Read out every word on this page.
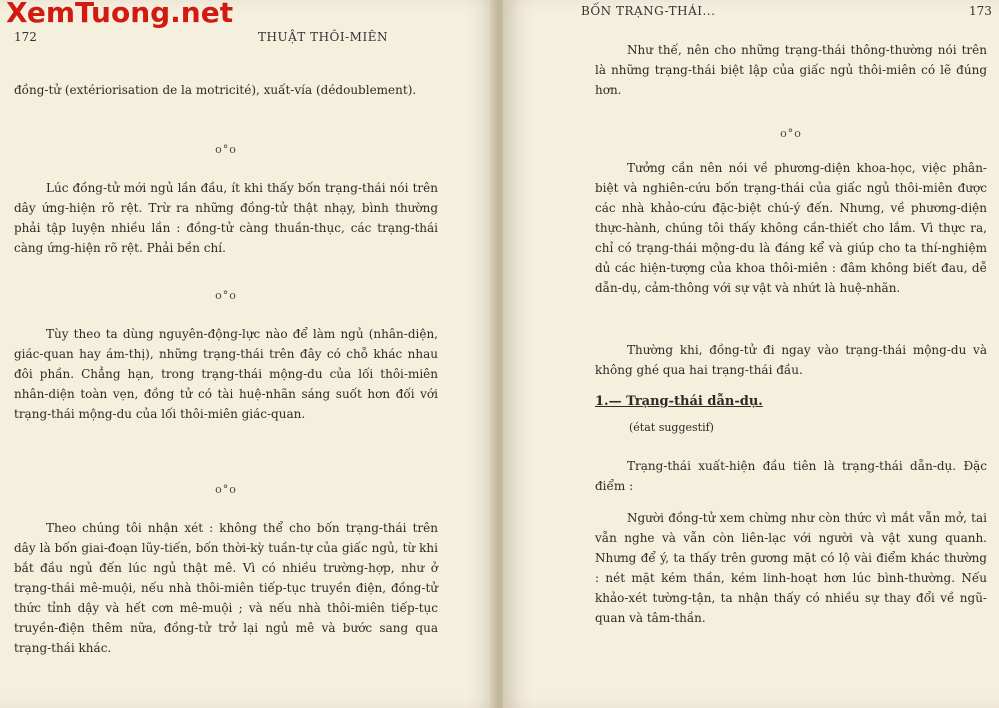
172	THUẬT THÔI-MIÊN

đồng-tử (extériorisation de la motricité), xuất-vía (dédoublement).

o°o

Lúc đồng-tử mới ngủ lần đầu, ít khi thấy bốn trạng-thái nói trên dây ứng-hiện rõ rệt. Trừ ra những đồng-tử thật nhạy, bình thường phải tập luyện nhiều lần : đồng-tử càng thuần-thục, các trạng-thái càng ứng-hiện rõ rệt. Phải bền chí.

o°o

Tùy theo ta dùng nguyên-động-lực nào để làm ngủ (nhân-diện, giác-quan hay ám-thị), những trạng-thái trên đây có chỗ khác nhau đôi phần. Chẳng hạn, trong trạng-thái mộng-du của lối thôi-miên nhân-diện toàn vẹn, đồng tử có tài huệ-nhãn sáng suốt hơn đối với trạng-thái mộng-du của lối thôi-miên giác-quan.

o°o

Theo chúng tôi nhận xét : không thể cho bốn trạng-thái trên dây là bốn giai-đoạn lũy-tiến, bốn thời-kỳ tuần-tự của giấc ngủ, từ khi bắt đầu ngủ đến lúc ngủ thật mê. Vì có nhiều trường-hợp, như ở trạng-thái mê-muội, nếu nhà thôi-miên tiếp-tục truyền điện, đồng-tử thức tỉnh dậy và hết cơn mê-muội ; và nếu nhà thôi-miên tiếp-tục truyền-điện thêm nữa, đồng-tử trở lại ngủ mê và bước sang qua trạng-thái khác.

BỐN TRẠNG-THÁI...	173

Như thế, nên cho những trạng-thái thông-thường nói trên là những trạng-thái biệt lập của giấc ngủ thôi-miên có lẽ đúng hơn.

o°o

Tưởng cần nên nói về phương-diện khoa-học, việc phân-biệt và nghiên-cứu bốn trạng-thái của giấc ngủ thôi-miên được các nhà khảo-cứu đặc-biệt chú-ý đến. Nhưng, về phương-diện thực-hành, chúng tôi thấy không cần-thiết cho lắm. Vì thực ra, chỉ có trạng-thái mộng-du là đáng kể và giúp cho ta thí-nghiệm dủ các hiện-tượng của khoa thôi-miên : đâm không biết đau, dễ dẫn-dụ, cảm-thông với sự vật và nhứt là huệ-nhãn.

Thường khi, đồng-tử đi ngay vào trạng-thái mộng-du và không ghé qua hai trạng-thái đầu.

1.— Trạng-thái dẫn-dụ.
(état suggestif)

Trạng-thái xuất-hiện đầu tiên là trạng-thái dẫn-dụ. Đặc điểm :

Người đồng-tử xem chừng như còn thức vì mắt vẫn mở, tai vẫn nghe và vẫn còn liên-lạc với người và vật xung quanh. Nhưng để ý, ta thấy trên gương mặt có lộ vài điểm khác thường : nét mặt kém thần, kém linh-hoạt hơn lúc bình-thường. Nếu khảo-xét tường-tận, ta nhận thấy có nhiều sự thay đổi về ngũ-quan và tâm-thần.

XemTuong.net
